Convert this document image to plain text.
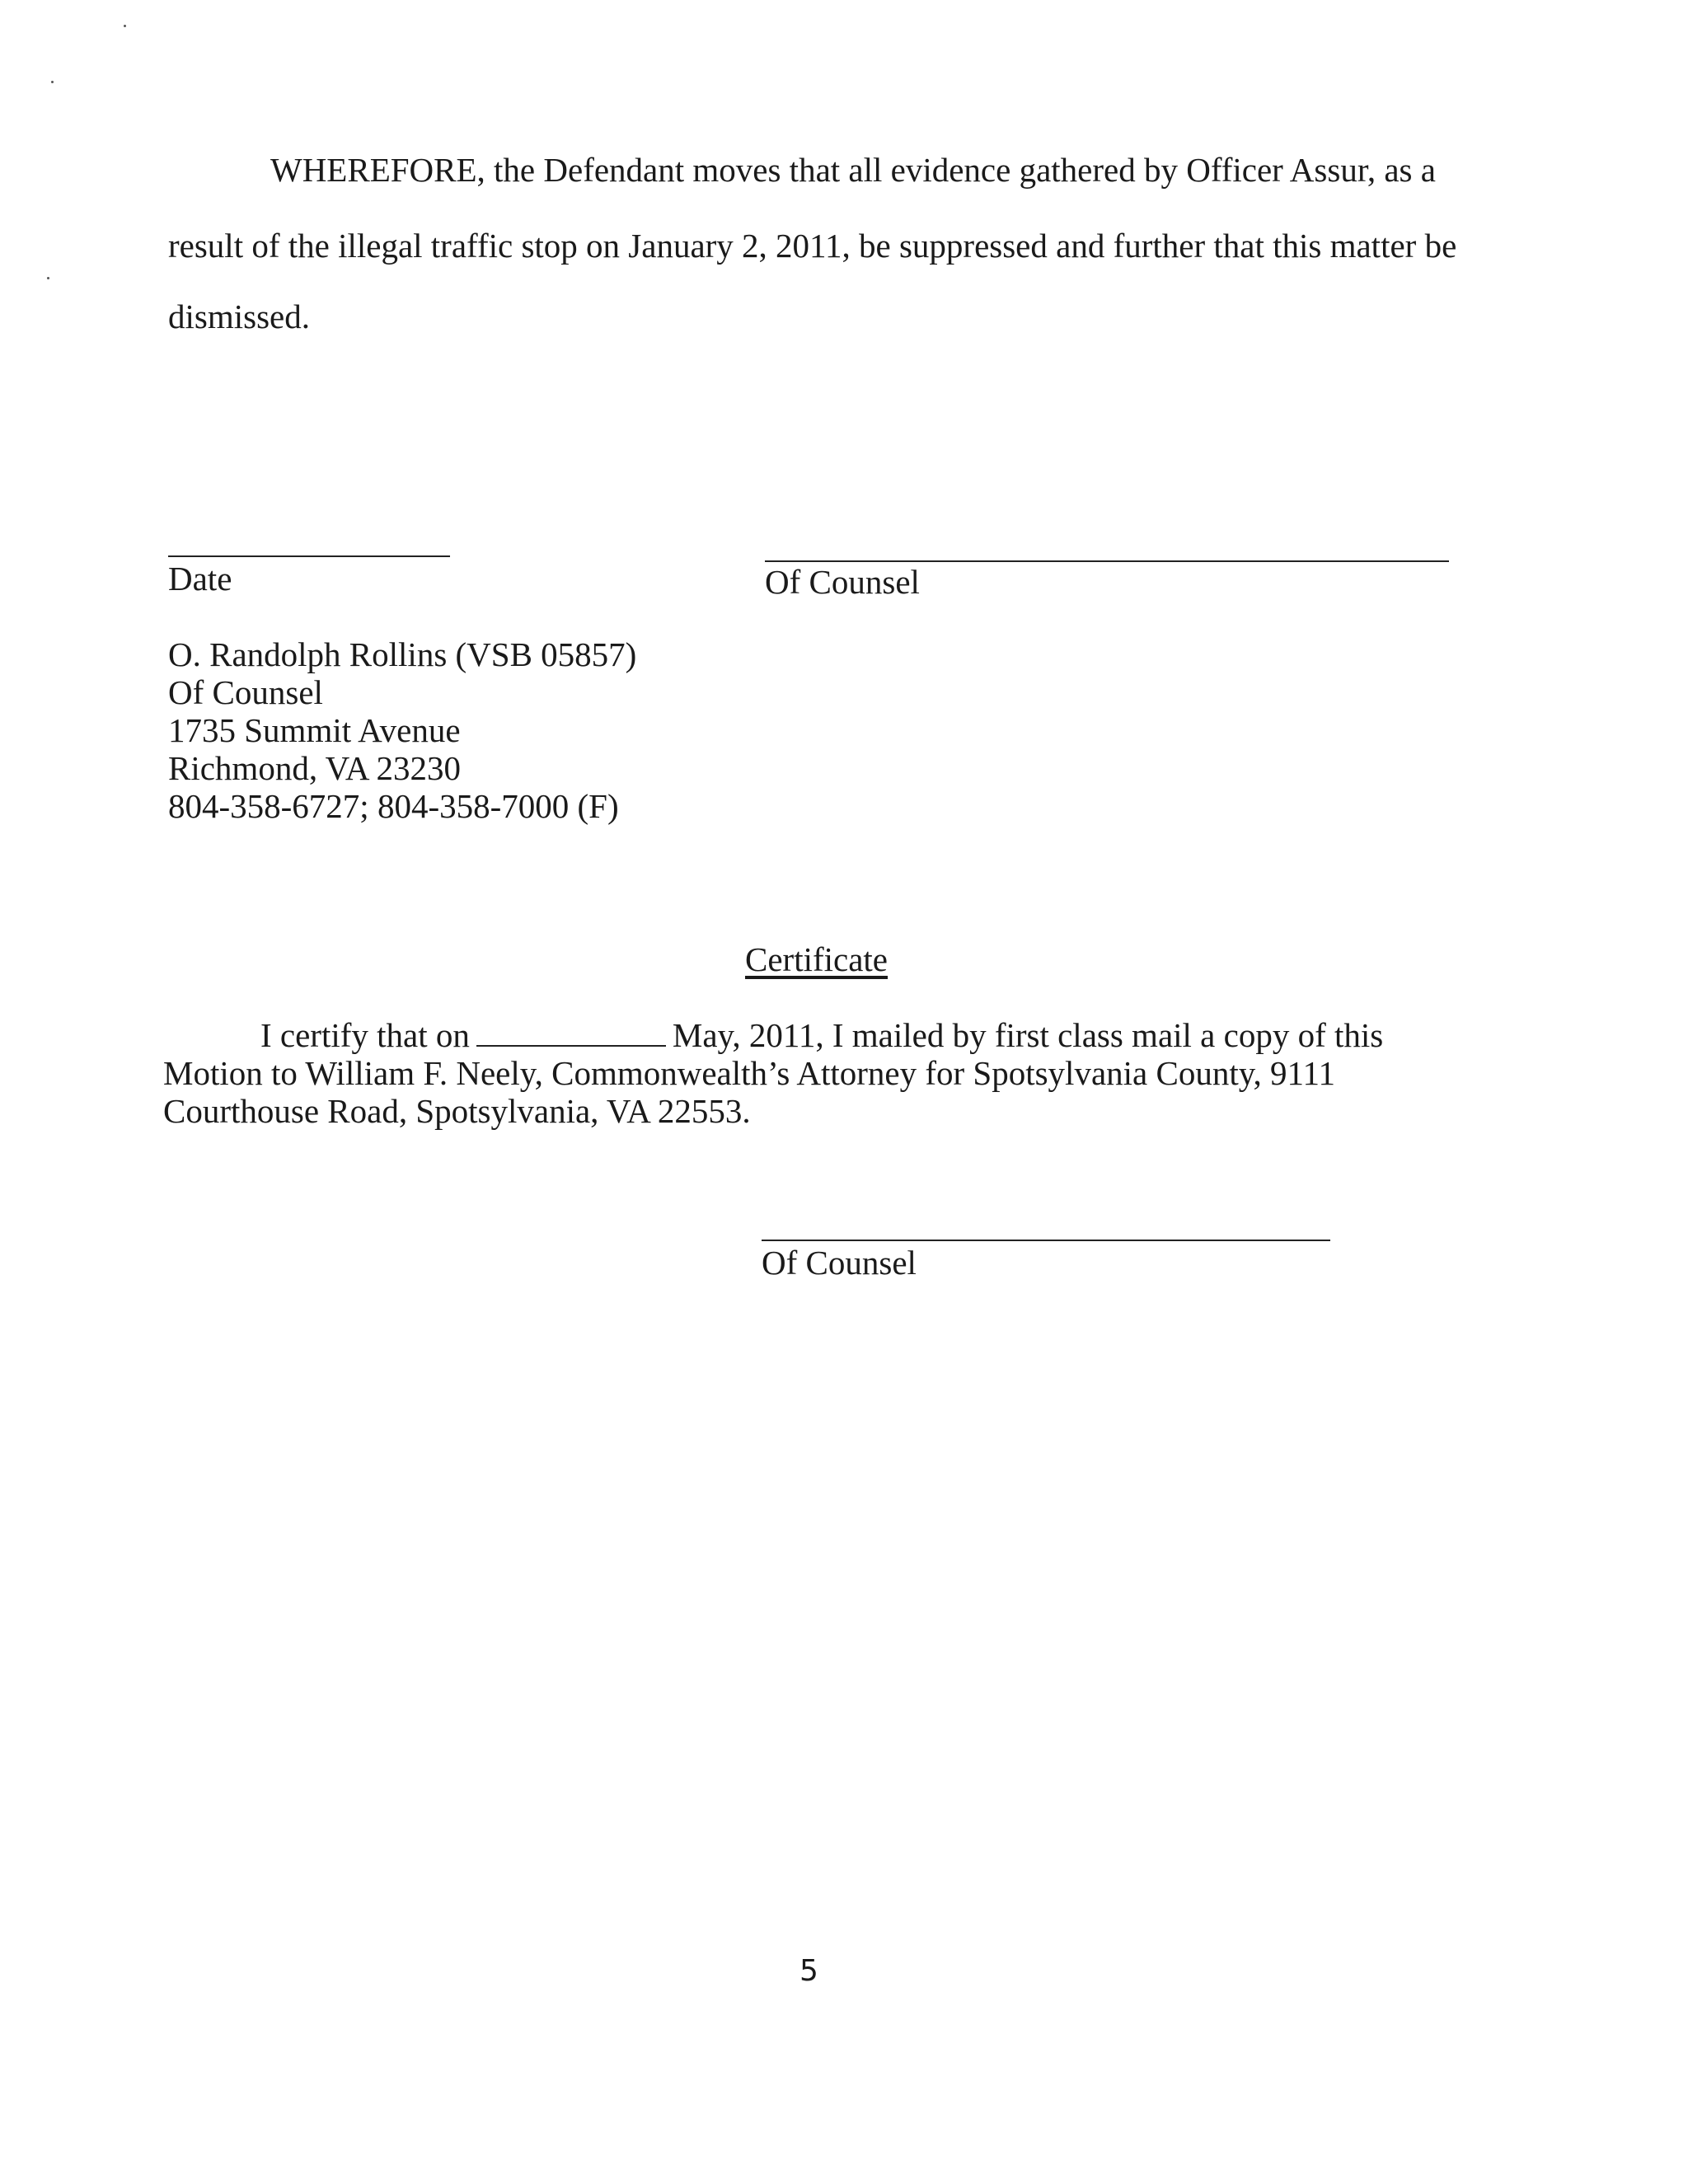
WHEREFORE, the Defendant moves that all evidence gathered by Officer Assur, as a
result of the illegal traffic stop on January 2, 2011, be suppressed and further that this matter be
dismissed.
Date	Of Counsel
O. Randolph Rollins (VSB 05857)
Of Counsel
1735 Summit Avenue
Richmond, VA 23230
804-358-6727; 804-358-7000 (F)
Certificate
I certify that on	May, 2011, I mailed by first class mail a copy of this
Motion to William F. Neely, Commonwealth’s Attorney for Spotsylvania County, 9111
Courthouse Road, Spotsylvania, VA 22553.
Of Counsel
5
